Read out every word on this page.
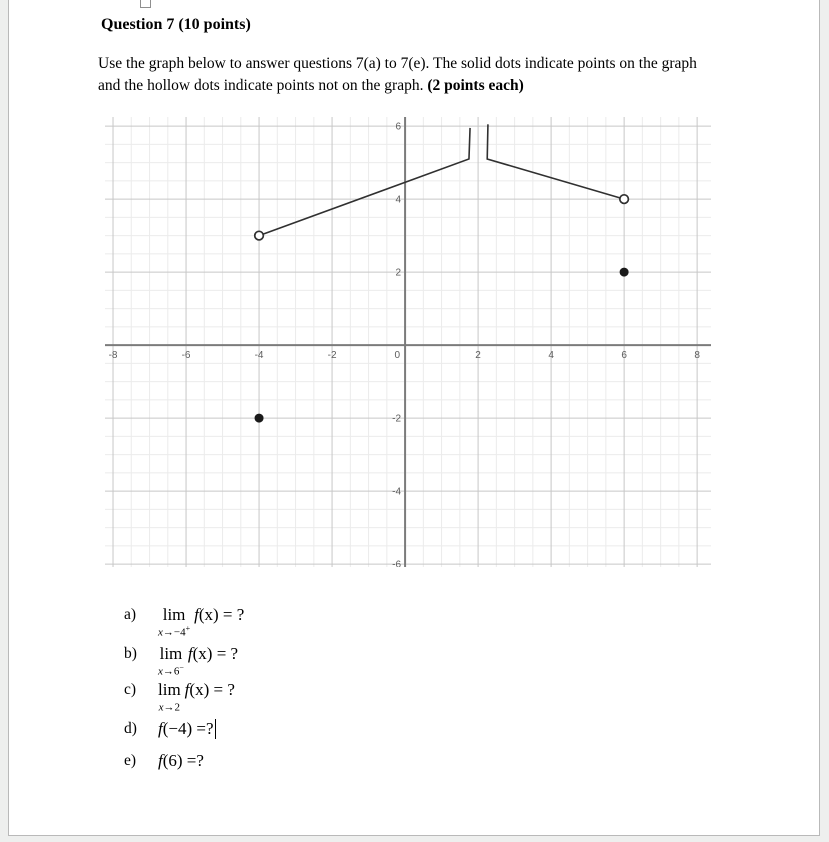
Question 7 (10 points)
Use the graph below to answer questions 7(a) to 7(e). The solid dots indicate points on the graph
and the hollow dots indicate points not on the graph. (2 points each)
-8	-6	-4	-2	0	2	4	6	8
-6
-4
-2
2
4
6
a)	lim
x→−4+
f(x) = ?
b)	lim
x→6−
f(x) = ?
c)	lim
x→2
f(x) = ?
d)	f(−4) =?
e)	f(6) =?
